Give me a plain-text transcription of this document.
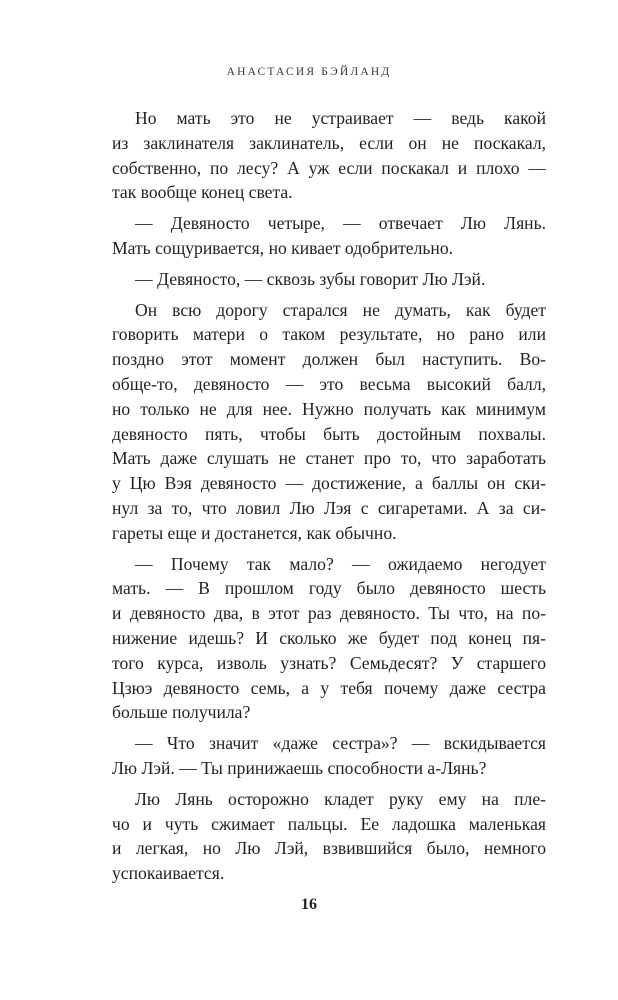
АНАСТАСИЯ БЭЙЛАНД
Но мать это не устраивает — ведь какой
из заклинателя заклинатель, если он не поскакал,
собственно, по лесу? А уж если поскакал и плохо —
так вообще конец света.
— Девяносто четыре, — отвечает Лю Лянь.
Мать сощуривается, но кивает одобрительно.
— Девяносто, — сквозь зубы говорит Лю Лэй.
Он всю дорогу старался не думать, как будет
говорить матери о таком результате, но рано или
поздно этот момент должен был наступить. Во-
обще-то, девяносто — это весьма высокий балл,
но только не для нее. Нужно получать как минимум
девяносто пять, чтобы быть достойным похвалы.
Мать даже слушать не станет про то, что заработать
у Цю Вэя девяносто — достижение, а баллы он ски-
нул за то, что ловил Лю Лэя с сигаретами. А за си-
гареты еще и достанется, как обычно.
— Почему так мало? — ожидаемо негодует
мать. — В прошлом году было девяносто шесть
и девяносто два, в этот раз девяносто. Ты что, на по-
нижение идешь? И сколько же будет под конец пя-
того курса, изволь узнать? Семьдесят? У старшего
Цзюэ девяносто семь, а у тебя почему даже сестра
больше получила?
— Что значит «даже сестра»? — вскидывается
Лю Лэй. — Ты принижаешь способности а-Лянь?
Лю Лянь осторожно кладет руку ему на пле-
чо и чуть сжимает пальцы. Ее ладошка маленькая
и легкая, но Лю Лэй, взвившийся было, немного
успокаивается.
16
